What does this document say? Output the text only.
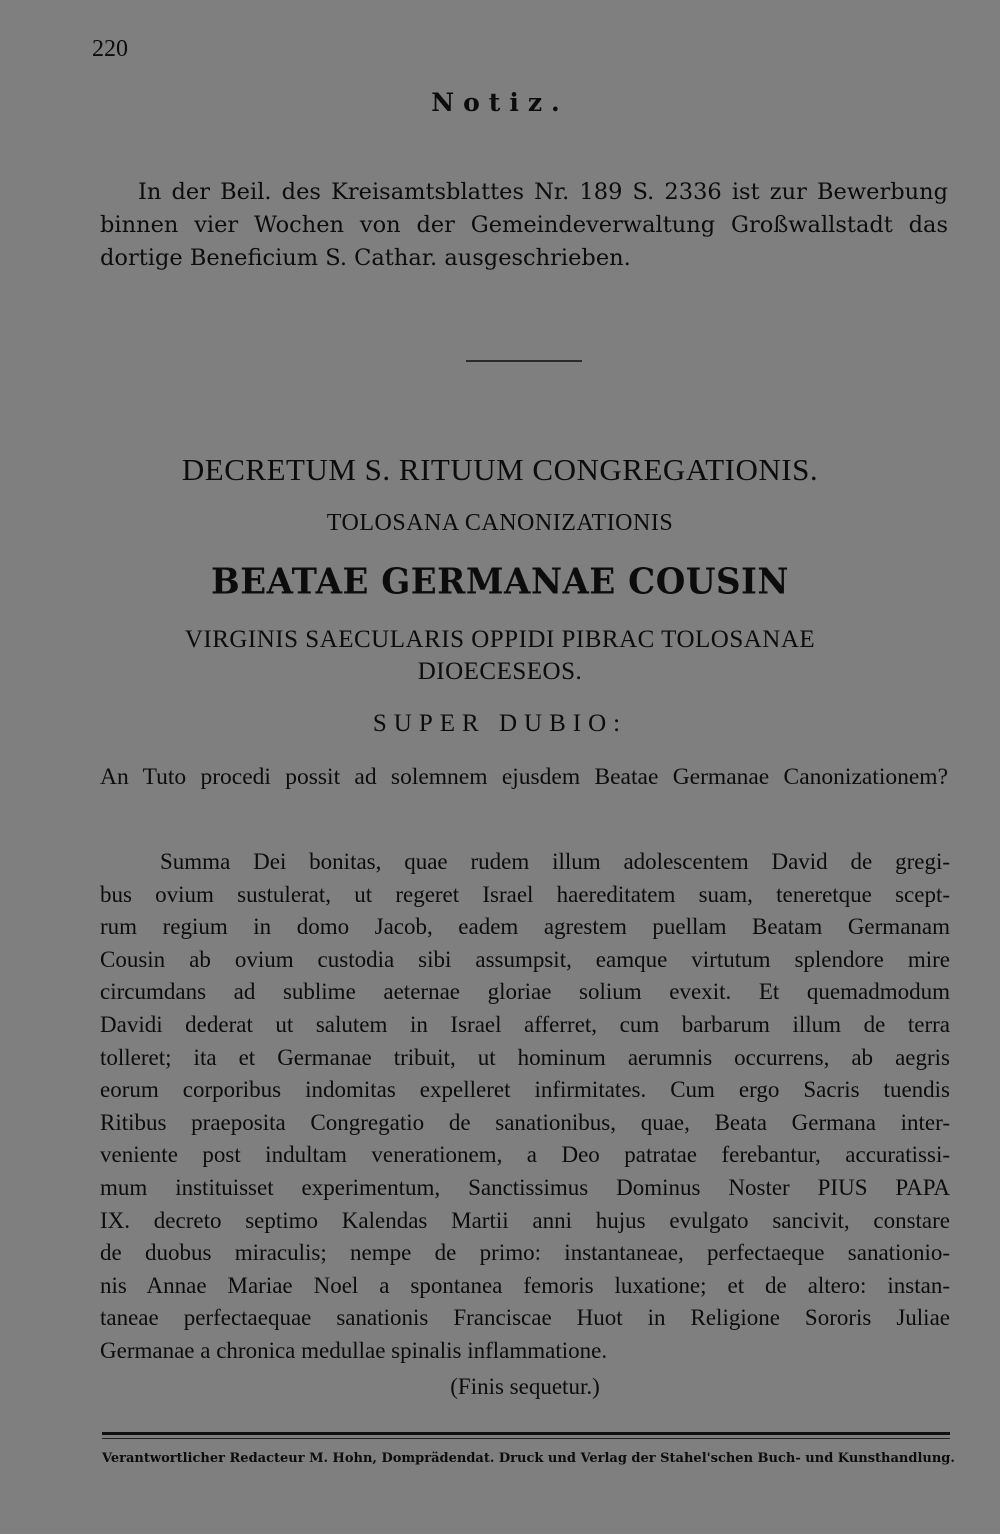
220
Notiz.

In der Beil. des Kreisamtsblattes Nr. 189 S. 2336 ist zur Bewerbung binnen vier Wochen von der Gemeindeverwaltung Großwallstadt das dortige Beneficium S. Cathar. ausgeschrieben.

DECRETUM S. RITUUM CONGREGATIONIS.
TOLOSANA CANONIZATIONIS
BEATAE GERMANAE COUSIN
VIRGINIS SAECULARIS OPPIDI PIBRAC TOLOSANAE
DIOECESEOS.
SUPER DUBIO:
An Tuto procedi possit ad solemnem ejusdem Beatae Germanae Canonizationem?
Summa Dei bonitas, quae rudem illum adolescentem David de gregi-
bus ovium sustulerat, ut regeret Israel haereditatem suam, teneretque scept-
rum regium in domo Jacob, eadem agrestem puellam Beatam Germanam
Cousin ab ovium custodia sibi assumpsit, eamque virtutum splendore mire
circumdans ad sublime aeternae gloriae solium evexit. Et quemadmodum
Davidi dederat ut salutem in Israel afferret, cum barbarum illum de terra
tolleret; ita et Germanae tribuit, ut hominum aerumnis occurrens, ab aegris
eorum corporibus indomitas expelleret infirmitates. Cum ergo Sacris tuendis
Ritibus praeposita Congregatio de sanationibus, quae, Beata Germana inter-
veniente post indultam venerationem, a Deo patratae ferebantur, accuratissi-
mum instituisset experimentum, Sanctissimus Dominus Noster PIUS PAPA
IX. decreto septimo Kalendas Martii anni hujus evulgato sancivit, constare
de duobus miraculis; nempe de primo: instantaneae, perfectaeque sanationio-
nis Annae Mariae Noel a spontanea femoris luxatione; et de altero: instan-
taneae perfectaequae sanationis Franciscae Huot in Religione Sororis Juliae
Germanae a chronica medullae spinalis inflammatione.
(Finis sequetur.)
Verantwortlicher Redacteur M. Hohn, Domprädendat. Druck und Verlag der Stahel'schen Buch- und Kunsthandlung.
